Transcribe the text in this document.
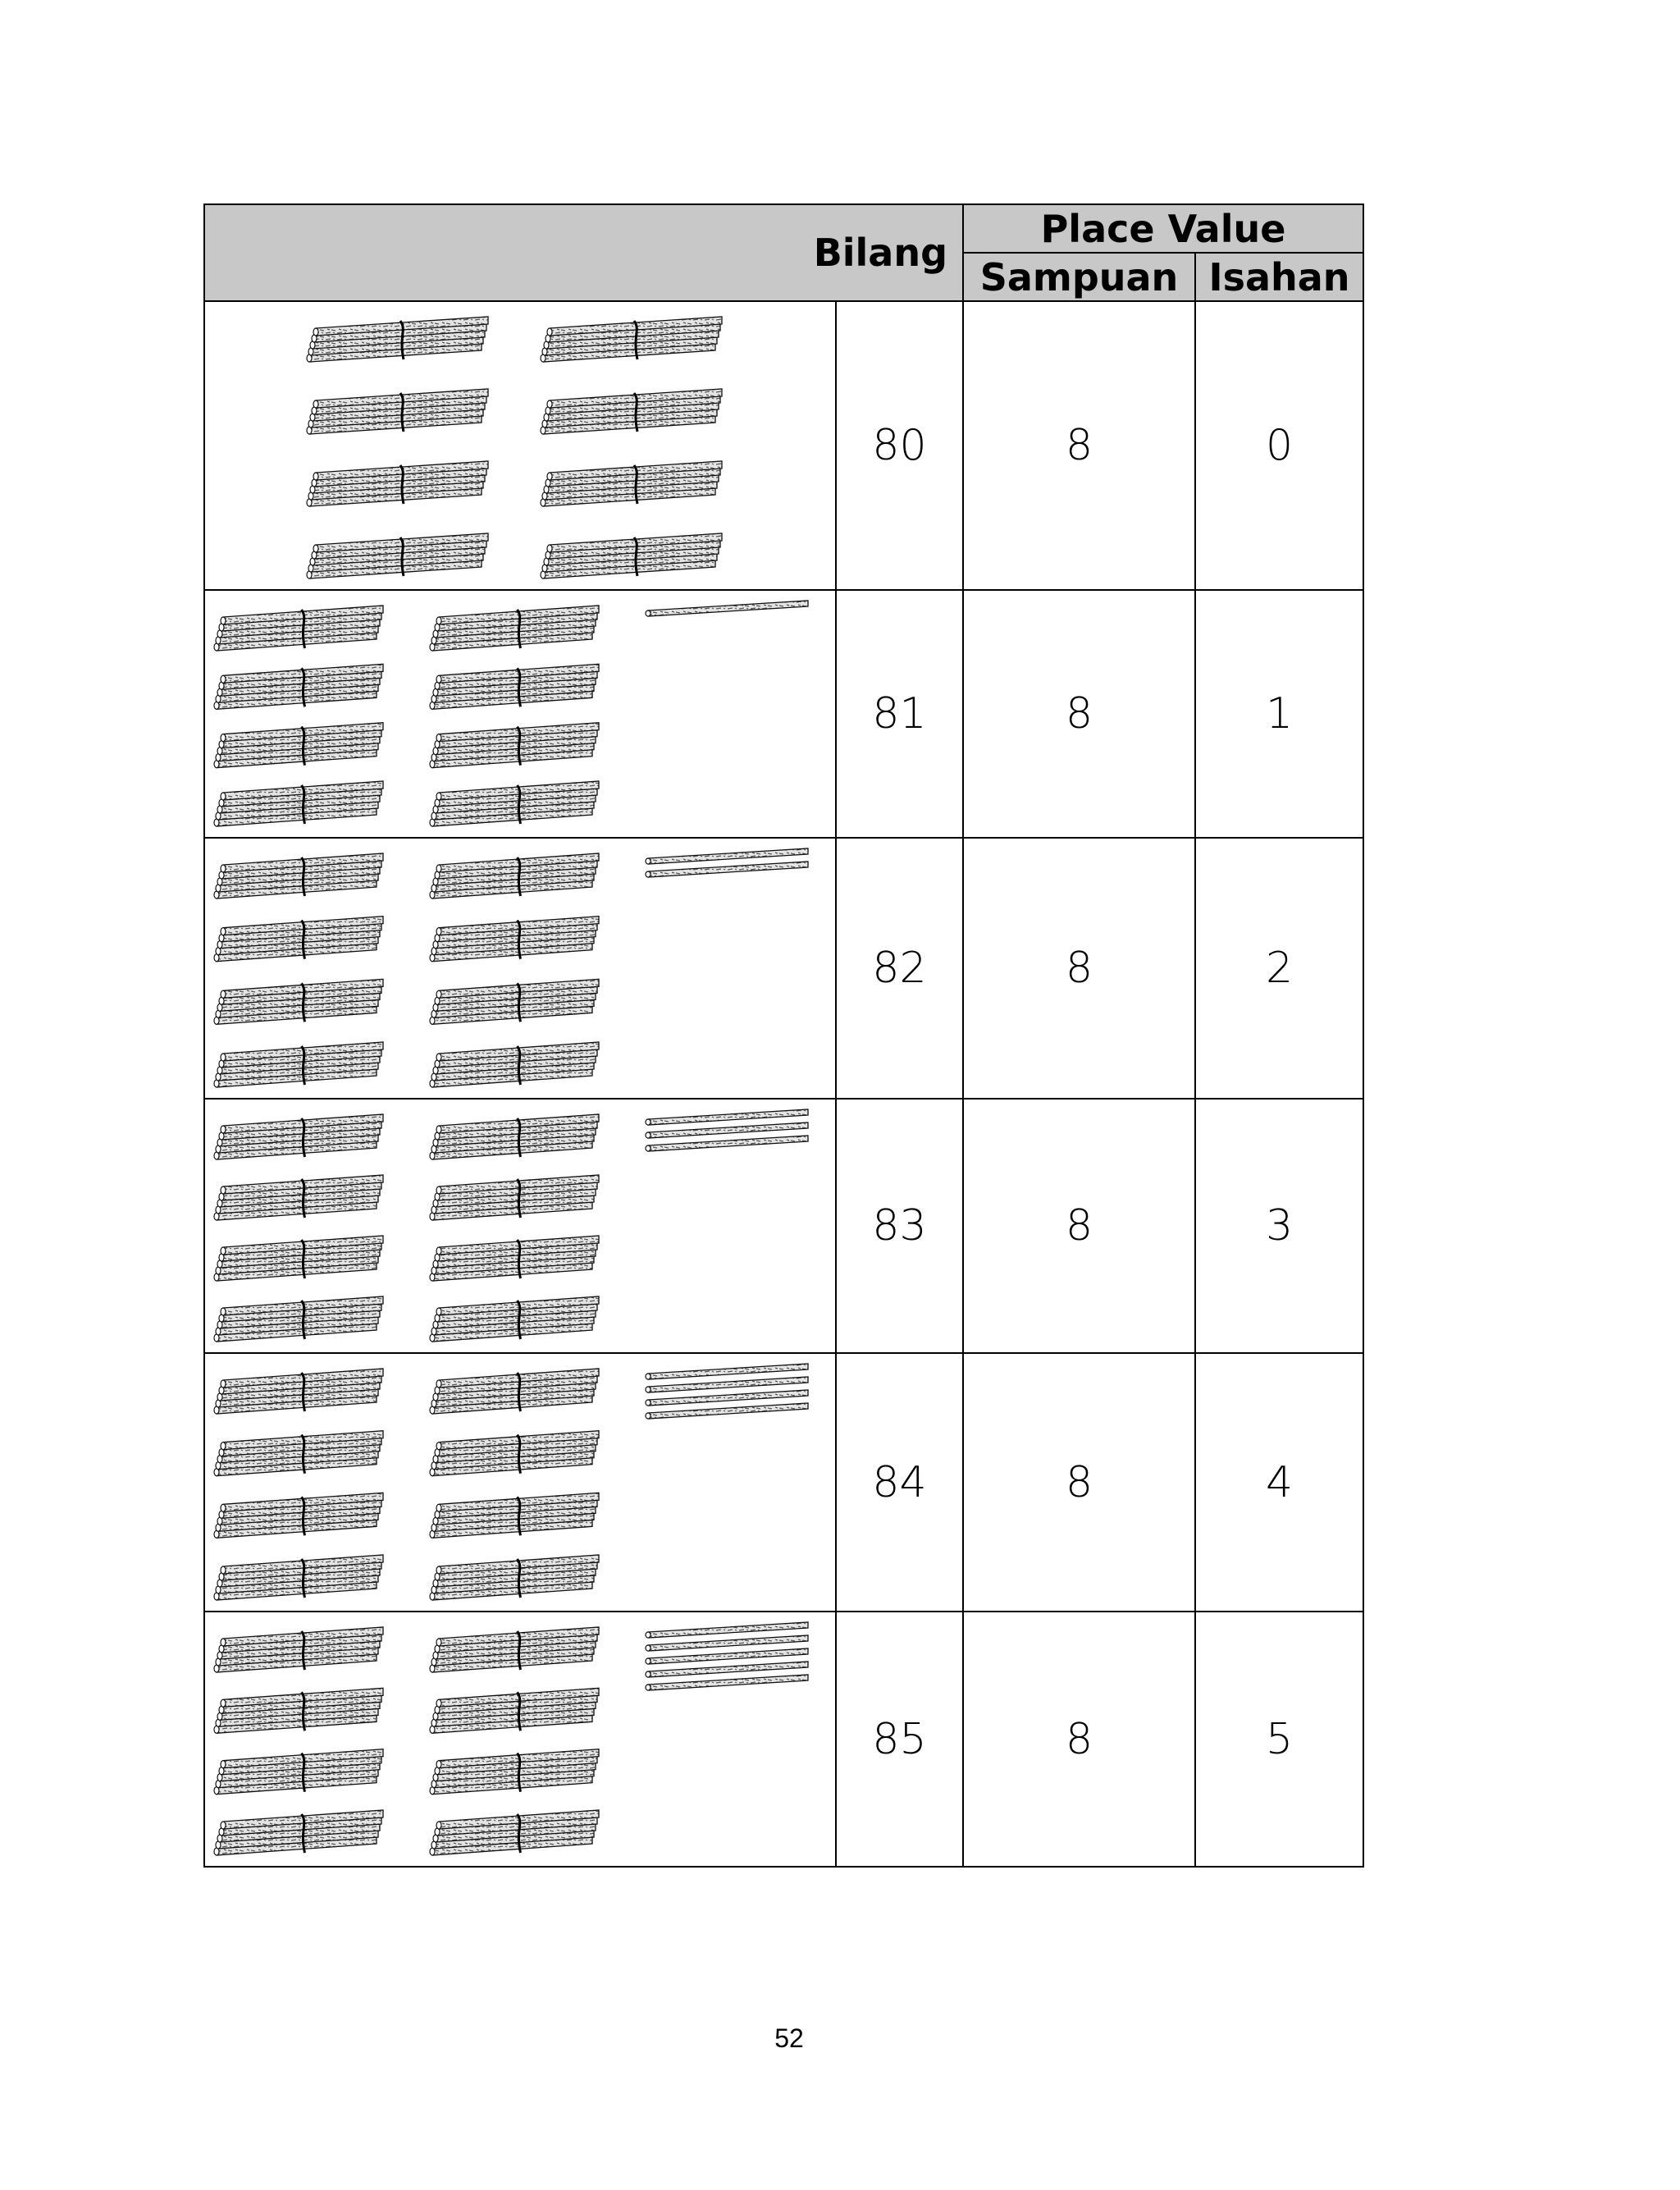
Bilang		Place Value	
		Sampuan	Isahan

	80	8	0

	81	8	1

	82	8	2

	83	8	3

	84	8	4

	85	8	5
52
